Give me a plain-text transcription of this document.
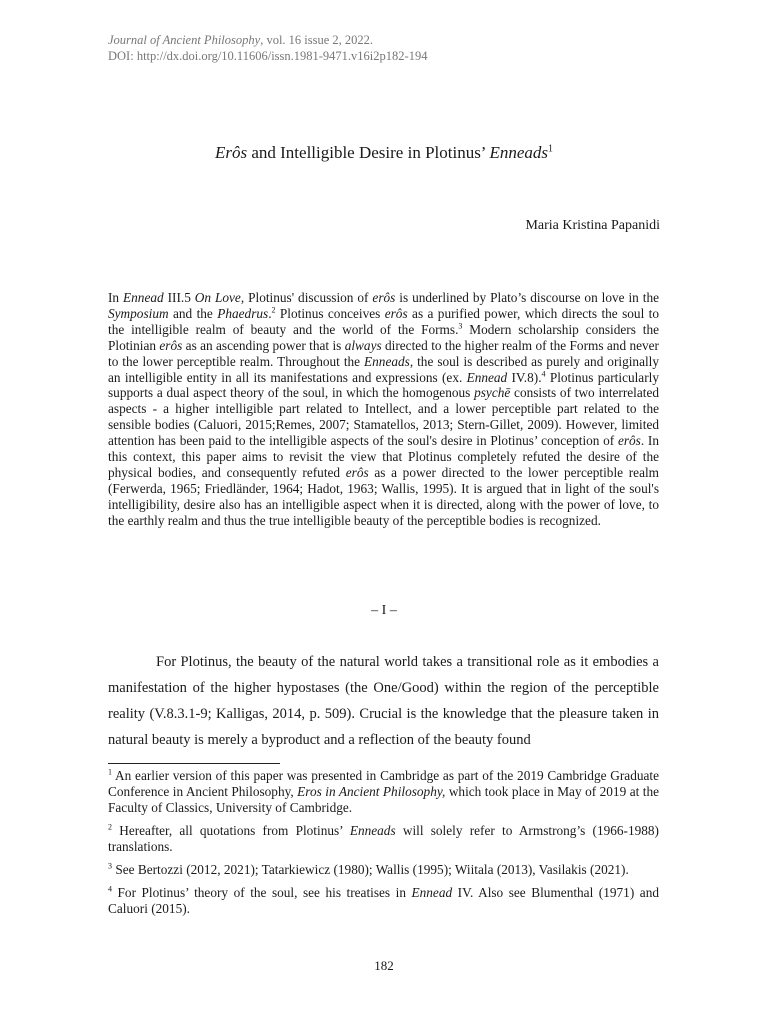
Journal of Ancient Philosophy, vol. 16 issue 2, 2022.
DOI: http://dx.doi.org/10.11606/issn.1981-9471.v16i2p182-194
Erôs and Intelligible Desire in Plotinus’ Enneads$^1$
Maria Kristina Papanidi
In Ennead III.5 On Love, Plotinus' discussion of erôs is underlined by Plato’s discourse on love in the Symposium and the Phaedrus.$^2$ Plotinus conceives erôs as a purified power, which directs the soul to the intelligible realm of beauty and the world of the Forms.$^3$ Modern scholarship considers the Plotinian erôs as an ascending power that is always directed to the higher realm of the Forms and never to the lower perceptible realm. Throughout the Enneads, the soul is described as purely and originally an intelligible entity in all its manifestations and expressions (ex. Ennead IV.8).$^4$ Plotinus particularly supports a dual aspect theory of the soul, in which the homogenous psychē consists of two interrelated aspects - a higher intelligible part related to Intellect, and a lower perceptible part related to the sensible bodies (Caluori, 2015;Remes, 2007; Stamatellos, 2013; Stern-Gillet, 2009). However, limited attention has been paid to the intelligible aspects of the soul's desire in Plotinus’ conception of erôs. In this context, this paper aims to revisit the view that Plotinus completely refuted the desire of the physical bodies, and consequently refuted erôs as a power directed to the lower perceptible realm (Ferwerda, 1965; Friedländer, 1964; Hadot, 1963; Wallis, 1995). It is argued that in light of the soul's intelligibility, desire also has an intelligible aspect when it is directed, along with the power of love, to the earthly realm and thus the true intelligible beauty of the perceptible bodies is recognized.
– I –

For Plotinus, the beauty of the natural world takes a transitional role as it embodies a manifestation of the higher hypostases (the One/Good) within the region of the perceptible reality (V.8.3.1-9; Kalligas, 2014, p. 509). Crucial is the knowledge that the pleasure taken in natural beauty is merely a byproduct and a reflection of the beauty found

$^1$ An earlier version of this paper was presented in Cambridge as part of the 2019 Cambridge Graduate Conference in Ancient Philosophy, Eros in Ancient Philosophy, which took place in May of 2019 at the Faculty of Classics, University of Cambridge.

$^2$ Hereafter, all quotations from Plotinus’ Enneads will solely refer to Armstrong’s (1966-1988) translations.

$^3$ See Bertozzi (2012, 2021); Tatarkiewicz (1980); Wallis (1995); Wiitala (2013), Vasilakis (2021).

$^4$ For Plotinus’ theory of the soul, see his treatises in Ennead IV. Also see Blumenthal (1971) and Caluori (2015).

182
